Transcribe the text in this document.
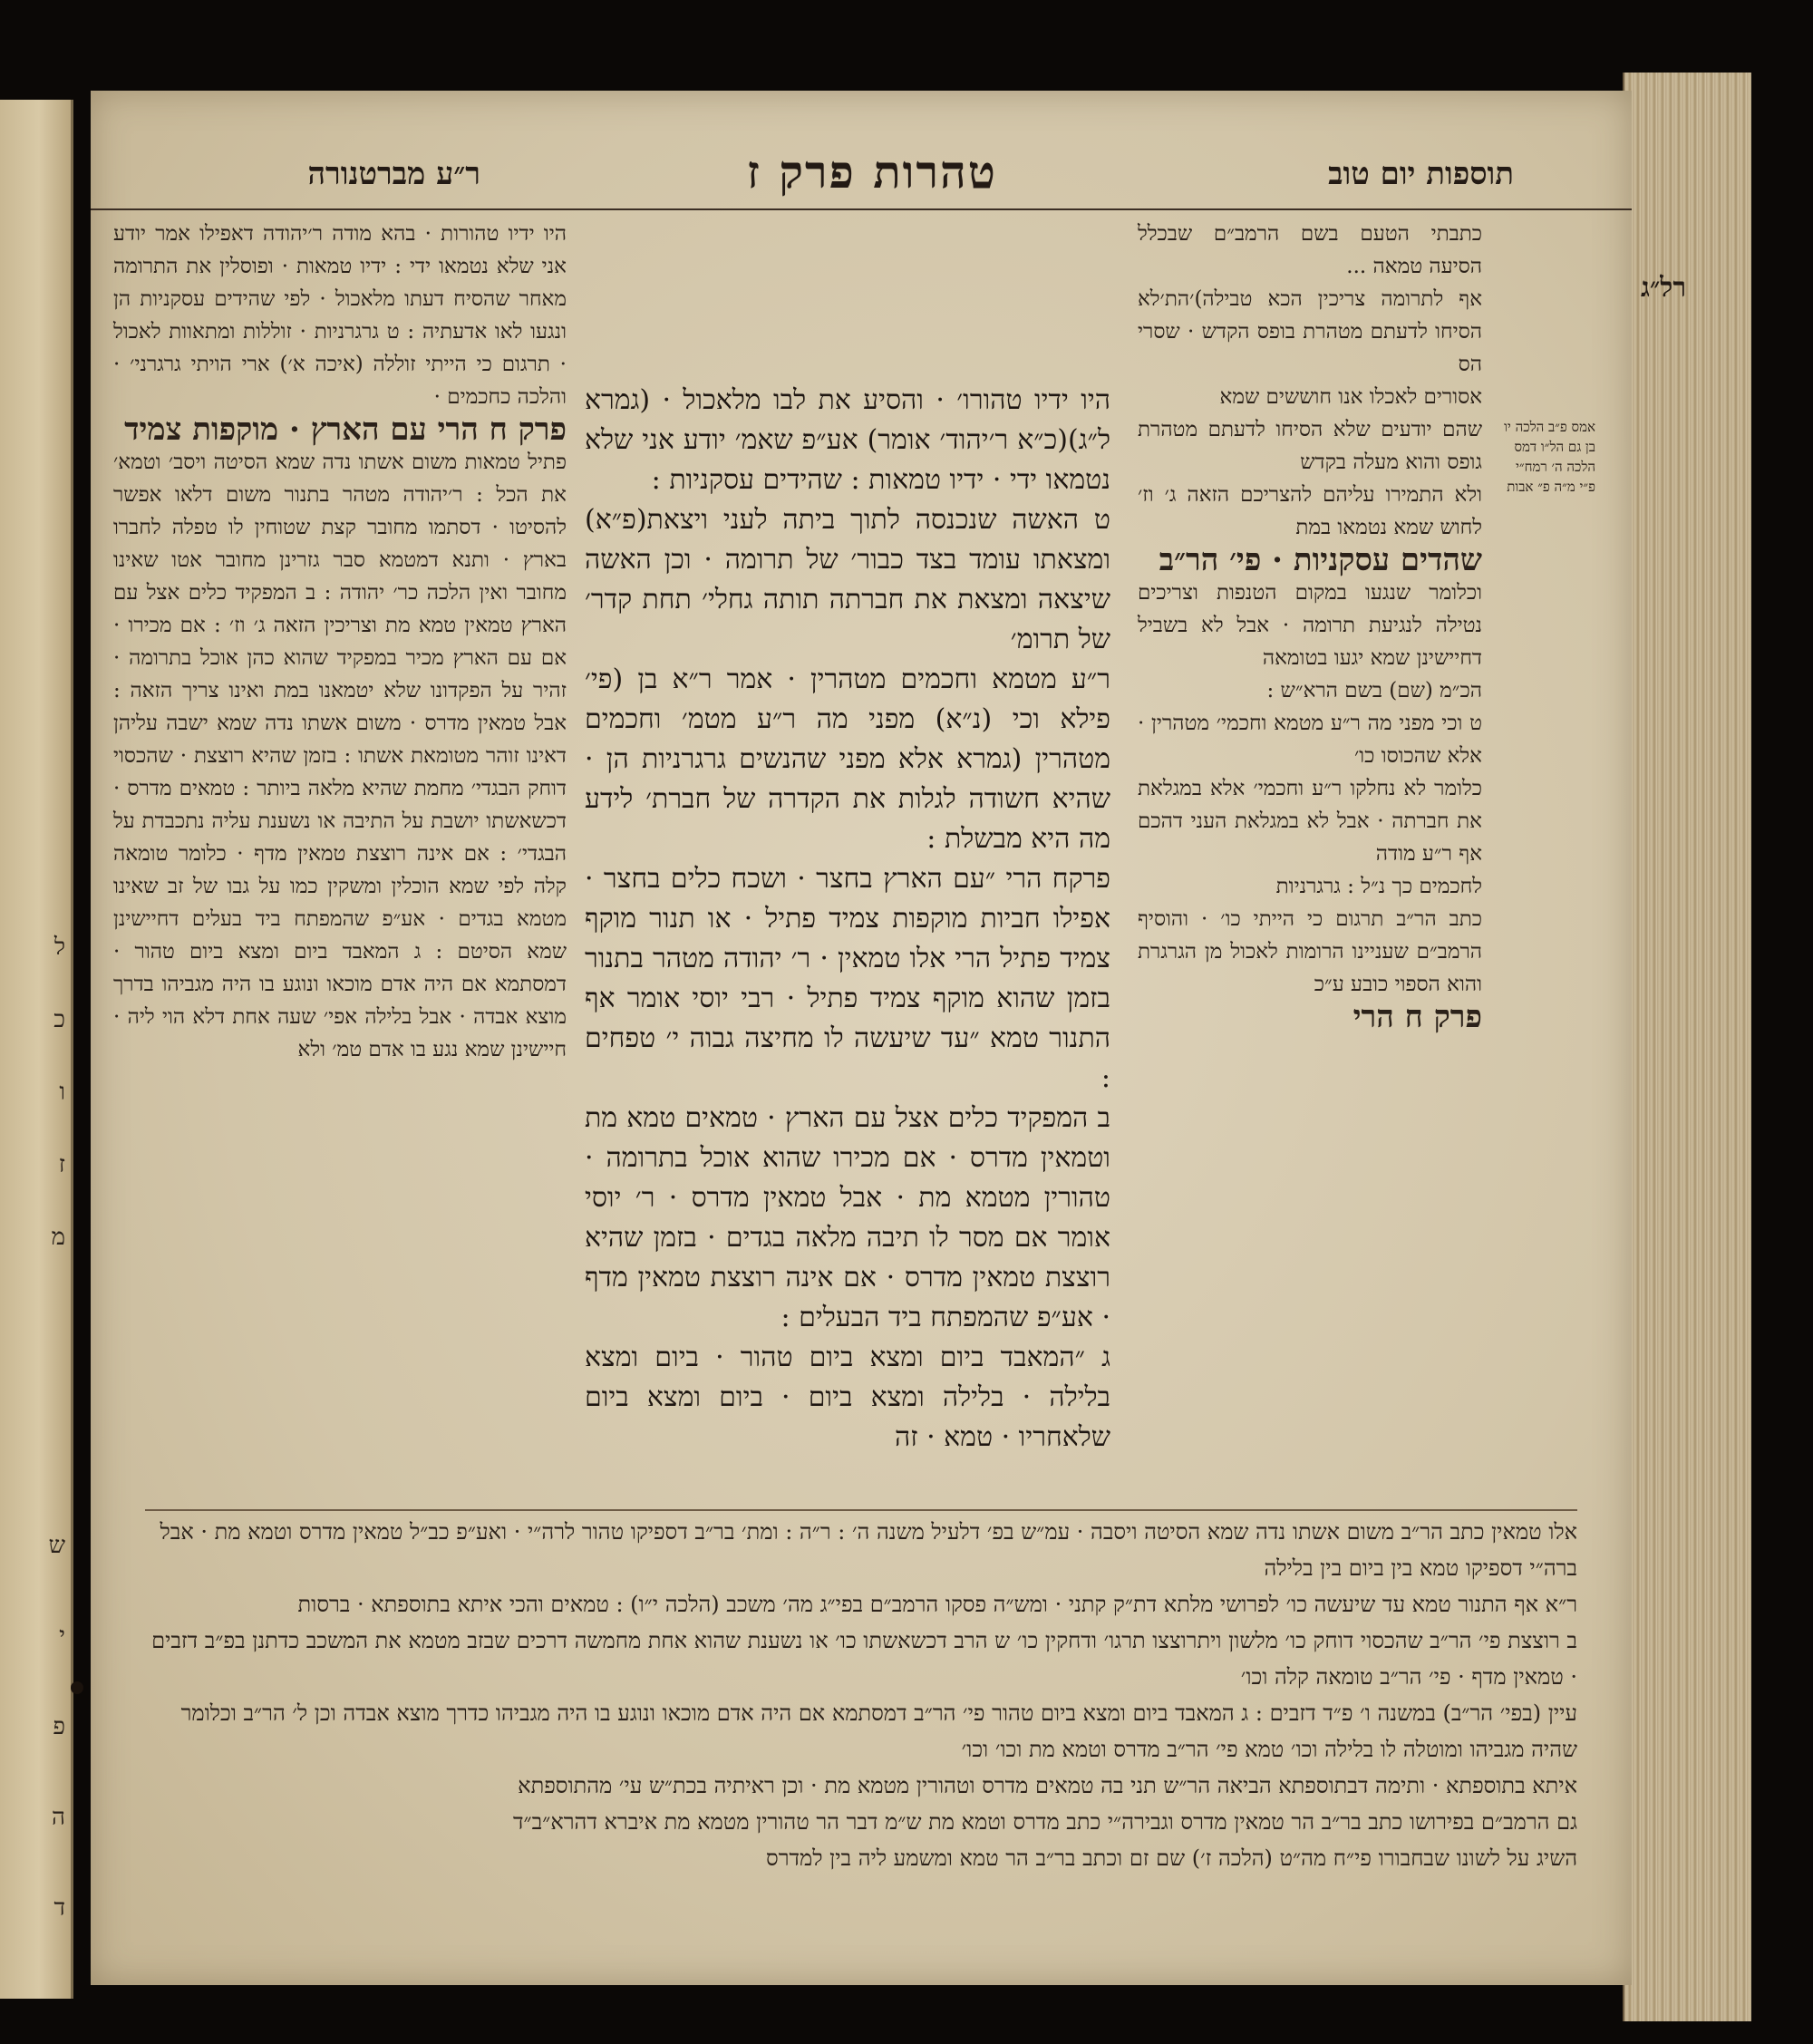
ל
כ
ו
ז
מ
ש
י
פ
ה
ד
תוספות יום טוב
טהרות פרק ז
ר״ע מברטנורה
רל״ג
אמס פ״ב הלכה יו בן גם הל״ו דמס הלכה ה׳ רמח״י פ״י מ״ה פ״ אבות

כתבתי הטעם בשם הרמב״ם שבכלל הסיעה טמאה ...

אף לתרומה צריכין הכא טבילה)׳הת׳לא הסיחו לדעתם מטהרת בופס הקדש · שסרי הס

אסורים לאכלו אנו חוששים שמא

שהם יודעים שלא הסיחו לדעתם מטהרת גופס והוא מעלה בקדש

ולא התמירו עליהם להצריכם הזאה ג׳ וז׳ לחוש שמא נטמאו במת

שהדים עסקניות · פי׳ הר״ב

וכלומר שנגעו במקום הטנפות וצריכים נטילה לנגיעת תרומה · אבל לא בשביל דחיישינן שמא יגעו בטומאה

הכ״מ (שם) בשם הרא״ש :

ט וכי מפני מה ר״ע מטמא וחכמי׳ מטהרין · אלא שהכוסו כו׳

כלומר לא נחלקו ר״ע וחכמי׳ אלא במגלאת את חברתה · אבל לא במגלאת העני דהכם אף ר״ע מודה

לחכמים כך נ״ל : גרגרניות

כתב הר״ב תרגום כי הייתי כו׳ · והוסיף הרמב״ם שעניינו הרומות לאכול מן הגרגרת והוא הספוי כובע ע״כ

פרק ח הרי

היו ידיו טהורו׳ · והסיע את לבו מלאכול · (גמרא ל״ג)(כ״א ר׳יהוד׳ אומר) אע״פ שאמ׳ יודע אני שלא נטמאו ידי · ידיו טמאות : שהידים עסקניות :

ט האשה שנכנסה לתוך ביתה לעני ויצאת(פ״א) ומצאתו עומד בצד כבור׳ של תרומה · וכן האשה שיצאה ומצאת את חברתה תותה גחלי׳ תחת קדר׳ של תרומ׳

ר״ע מטמא וחכמים מטהרין · אמר ר״א בן (פי׳ פילא וכי (נ״א) מפני מה ר״ע מטמ׳ וחכמים מטהרין (גמרא אלא מפני שהנשים גרגרניות הן · שהיא חשודה לגלות את הקדרה של חברת׳ לידע מה היא מבשלת :

פרקח הרי ״עם הארץ בחצר · ושכח כלים בחצר · אפילו חביות מוקפות צמיד פתיל · או תנור מוקף צמיד פתיל הרי אלו טמאין · ר׳ יהודה מטהר בתנור בזמן שהוא מוקף צמיד פתיל · רבי יוסי אומר אף התנור טמא ״עד שיעשה לו מחיצה גבוה י׳ טפחים :

ב המפקיד כלים אצל עם הארץ · טמאים טמא מת וטמאין מדרס · אם מכירו שהוא אוכל בתרומה · טהורין מטמא מת · אבל טמאין מדרס · ר׳ יוסי אומר אם מסר לו תיבה מלאה בגדים · בזמן שהיא רוצצת טמאין מדרס · אם אינה רוצצת טמאין מדף · אע״פ שהמפתח ביד הבעלים :

ג ״המאבד ביום ומצא ביום טהור · ביום ומצא בלילה · בלילה ומצא ביום · ביום ומצא ביום שלאחריו · טמא · זה

היו ידיו טהורות · בהא מודה ר׳יהודה דאפילו אמר יודע אני שלא נטמאו ידי : ידיו טמאות · ופוסלין את התרומה מאחר שהסיח דעתו מלאכול · לפי שהידים עסקניות הן ונגעו לאו אדעתיה : ט גרגרניות · זוללות ומתאוות לאכול · תרגום כי הייתי זוללה (איכה א׳) ארי הויתי גרגרני׳ · והלכה כחכמים ·

פרק ח הרי עם הארץ · מוקפות צמיד

פתיל טמאות משום אשתו נדה שמא הסיטה ויסב׳ וטמא׳ את הכל : ר׳יהודה מטהר בתנור משום דלאו אפשר להסיטו · דסתמו מחובר קצת שטוחין לו טפלה לחברו בארץ · ותנא דמטמא סבר גזרינן מחובר אטו שאינו מחובר ואין הלכה כר׳ יהודה : ב המפקיד כלים אצל עם הארץ טמאין טמא מת וצריכין הזאה ג׳ וז׳ : אם מכירו · אם עם הארץ מכיר במפקיד שהוא כהן אוכל בתרומה · זהיר על הפקדונו שלא יטמאנו במת ואינו צריך הזאה : אבל טמאין מדרס · משום אשתו נדה שמא ישבה עליהן דאינו זוהר מטומאת אשתו : בזמן שהיא רוצצת · שהכסוי דוחק הבגדי׳ מחמת שהיא מלאה ביותר : טמאים מדרס · דכשאשתו יושבת על התיבה או נשענת עליה נתכבדת על הבגדי׳ : אם אינה רוצצת טמאין מדף · כלומר טומאה קלה לפי שמא הוכלין ומשקין כמו על גבו של זב שאינו מטמא בגדים · אע״פ שהמפתח ביד בעלים דחיישינן שמא הסיטם : ג המאבד ביום ומצא ביום טהור · דמסתמא אם היה אדם מוכאו ונוגע בו היה מגביהו בדרך מוצא אבדה · אבל בלילה אפי׳ שעה אחת דלא הוי ליה · חיישינן שמא נגע בו אדם טמ׳ ולא

אלו טמאין כתב הר״ב משום אשתו נדה שמא הסיטה ויסבה · עמ״ש בפ׳ דלעיל משנה ה׳ : ר״ה : ומת׳ בר״ב דספיקו טהור לרה״י · ואע״פ כב״ל טמאין מדרס וטמא מת · אבל ברה״י דספיקו טמא בין ביום בין בלילה

ר״א אף התנור טמא עד שיעשה כו׳ לפרושי מלתא דת״ק קתני · ומש״ה פסקו הרמב״ם בפי״ג מה׳ משכב (הלכה י״ו) : טמאים והכי איתא בתוספתא · ברסות

ב רוצצת פי׳ הר״ב שהכסוי דוחק כו׳ מלשון ויתרוצצו תרגו׳ ודחקין כו׳ ש הרב דכשאשתו כו׳ או נשענת שהוא אחת מחמשה דרכים שבזב מטמא את המשכב כדתנן בפ״ב דזבים · טמאין מדף · פי׳ הר״ב טומאה קלה וכו׳

עיין (בפי׳ הר״ב) במשנה ו׳ פ״ד דזבים : ג המאבד ביום ומצא ביום טהור פי׳ הר״ב דמסתמא אם היה אדם מוכאו ונוגע בו היה מגביהו כדרך מוצא אבדה וכן ל׳ הר״ב וכלומר שהיה מגביהו ומוטלה לו בלילה וכו׳ טמא פי׳ הר״ב מדרס וטמא מת וכו׳ וכו׳

איתא בתוספתא · ותימה דבתוספתא הביאה הר״ש תני בה טמאים מדרס וטהורין מטמא מת · וכן ראיתיה בכת״ש עי׳ מהתוספתא

גם הרמב״ם בפירושו כתב בר״ב הר טמאין מדרס וגבירה״י כתב מדרס וטמא מת ש״מ דבר הר טהורין מטמא מת איברא דהרא״ב״ד

השיג על לשונו שבחבורו פי״ח מה״ט (הלכה ז׳) שם זם וכתב בר״ב הר טמא ומשמע ליה בין למדרס
